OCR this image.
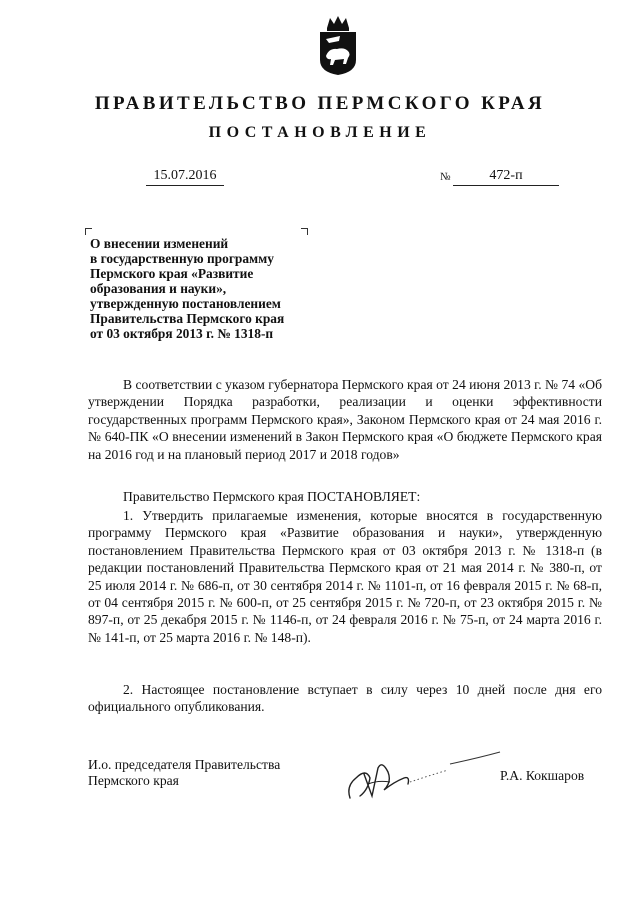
ПРАВИТЕЛЬСТВО ПЕРМСКОГО КРАЯ
ПОСТАНОВЛЕНИЕ
15.07.2016	№	472-п
О внесении изменений
в государственную программу
Пермского края «Развитие
образования и науки»,
утвержденную постановлением
Правительства Пермского края
от 03 октября 2013 г. № 1318-п

В соответствии с указом губернатора Пермского края от 24 июня 2013 г. № 74 «Об утверждении Порядка разработки, реализации и оценки эффективности государственных программ Пермского края», Законом Пермского края от 24 мая 2016 г. № 640-ПК «О внесении изменений в Закон Пермского края «О бюджете Пермского края на 2016 год и на плановый период 2017 и 2018 годов»

Правительство Пермского края ПОСТАНОВЛЯЕТ:

1. Утвердить прилагаемые изменения, которые вносятся в государственную программу Пермского края «Развитие образования и науки», утвержденную постановлением Правительства Пермского края от 03 октября 2013 г. № 1318-п (в редакции постановлений Правительства Пермского края от 21 мая 2014 г. № 380-п, от 25 июля 2014 г. № 686-п, от 30 сентября 2014 г. № 1101-п, от 16 февраля 2015 г. № 68-п, от 04 сентября 2015 г. № 600-п, от 25 сентября 2015 г. № 720-п, от 23 октября 2015 г. № 897-п, от 25 декабря 2015 г. № 1146-п, от 24 февраля 2016 г. № 75-п, от 24 марта 2016 г. № 141-п, от 25 марта 2016 г. № 148-п).

2. Настоящее постановление вступает в силу через 10 дней после дня его официального опубликования.

И.о. председателя Правительства
Пермского края	Р.А. Кокшаров
